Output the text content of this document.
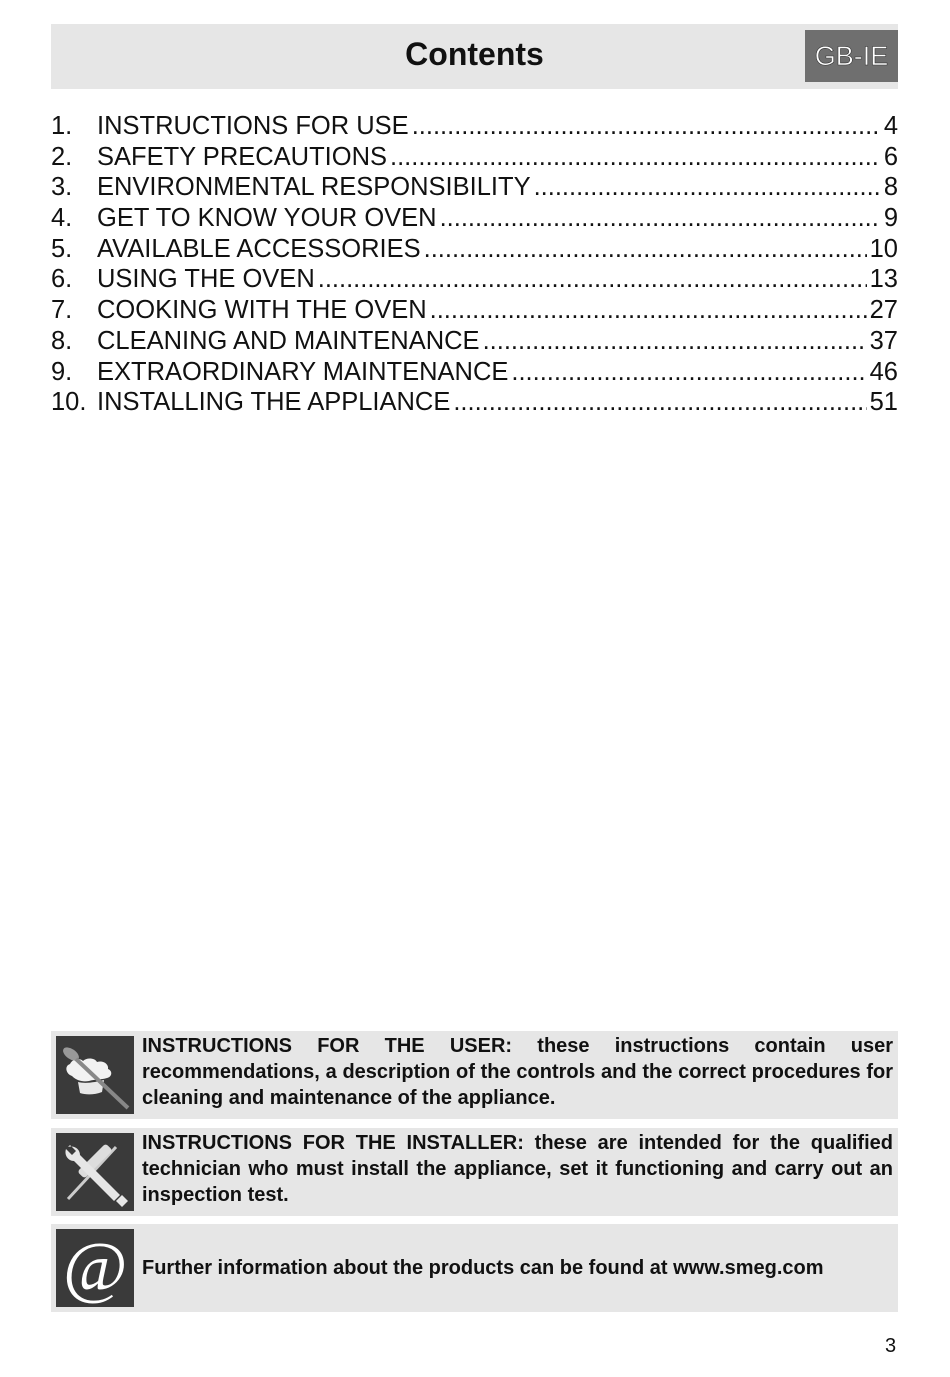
Contents	GB-IE
1. INSTRUCTIONS FOR USE .....	4
2. SAFETY PRECAUTIONS .....	6
3. ENVIRONMENTAL RESPONSIBILITY .....	8
4. GET TO KNOW YOUR OVEN .....	9
5. AVAILABLE ACCESSORIES .....	10
6. USING THE OVEN .....	13
7. COOKING WITH THE OVEN .....	27
8. CLEANING AND MAINTENANCE .....	37
9. EXTRAORDINARY MAINTENANCE .....	46
10. INSTALLING THE APPLIANCE .....	51
INSTRUCTIONS FOR THE USER: these instructions contain user recommendations, a description of the controls and the correct procedures for cleaning and maintenance of the appliance.
INSTRUCTIONS FOR THE INSTALLER: these are intended for the qualified technician who must install the appliance, set it functioning and carry out an inspection test.
@ Further information about the products can be found at www.smeg.com
3
